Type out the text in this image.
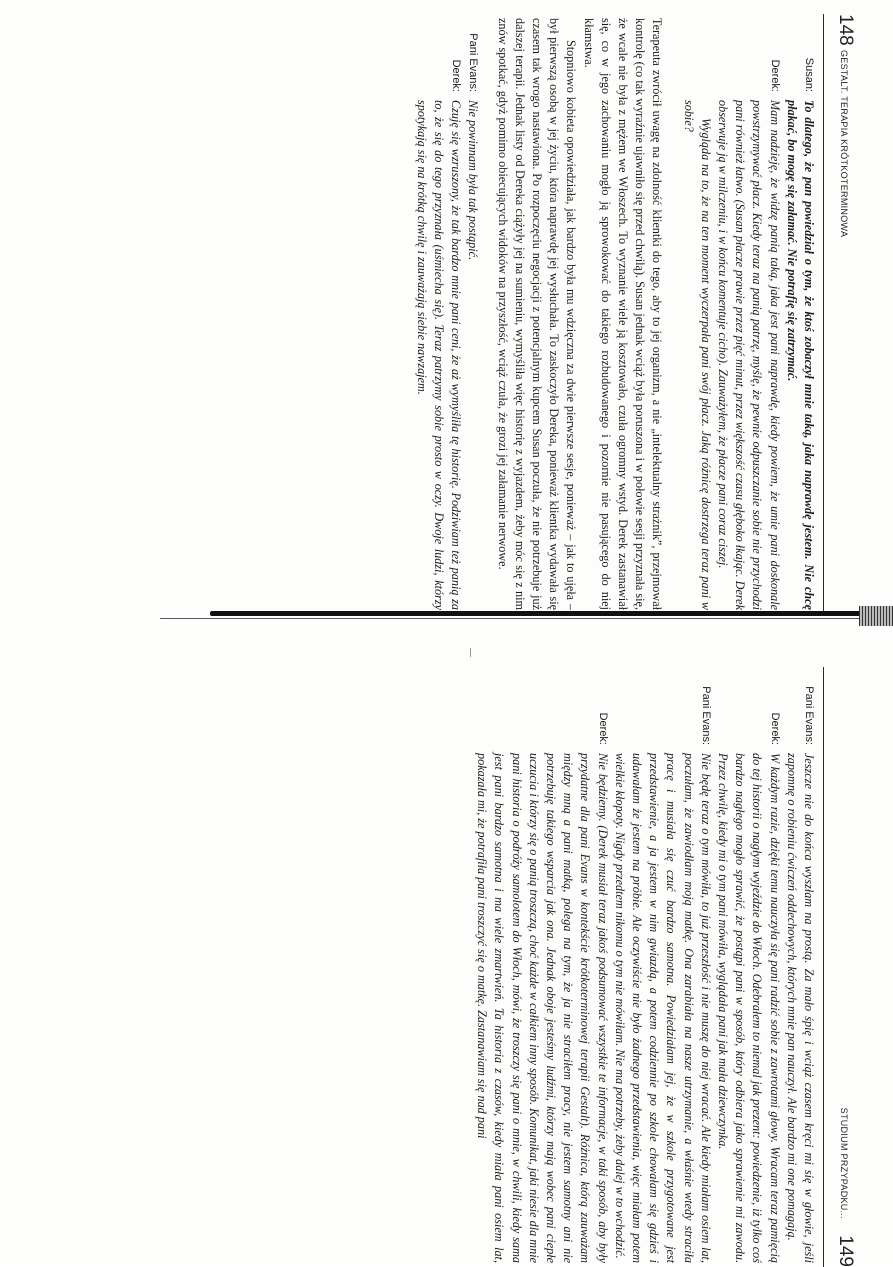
148
GESTALT. TERAPIA KRÓTKOTERMINOWA
Susan:
To dlatego, że pan powiedział o tym, że ktoś zobaczył mnie taką, jaka naprawdę jestem. Nie chcę płakać, bo mogę się załamać. Nie potrafię się zatrzymać.
Derek:
Mam nadzieję, że widzę panią taką, jaka jest pani naprawdę, kiedy powiem, że umie pani doskonale powstrzymywać płacz. Kiedy teraz na panią patrzę, myślę, że pewnie odpuszczanie sobie nie przychodzi pani również łatwo. (Susan płacze prawie przez pięć minut, przez większość czasu głęboko łkając. Derek obserwuje ją w milczeniu, i w końcu komentuje cicho). Zauważyłem, że płacze pani coraz ciszej.
Wygląda na to, że na ten moment wyczerpała pani swój płacz. Jaką różnicę dostrzega teraz pani w sobie?

Terapeuta zwrócił uwagę na zdolność klientki do tego, aby to jej organizm, a nie „intelektualny strażnik”, przejmował kontrolę (co tak wyraźnie ujawniło się przed chwilą). Susan jednak wciąż była poruszona i w połowie sesji przyznała się, że wcale nie była z mężem we Włoszech. To wyznanie wiele ją kosztowało, czuła ogromny wstyd. Derek zastanawiał się, co w jego zachowaniu mogło ją sprowokować do takiego rozbudowanego i pozornie nie pasującego do niej kłamstwa.

Stopniowo kobieta opowiedziała, jak bardzo była mu wdzięczna za dwie pierwsze sesje, ponieważ – jak to ujęła – był pierwszą osobą w jej życiu, która naprawdę jej wysłuchała. To zaskoczyło Dereka, ponieważ klientka wydawała się czasem tak wrogo nastawiona. Po rozpoczęciu negocjacji z potencjalnym kupcem Susan poczuła, że nie potrzebuje już dalszej terapii. Jednak listy od Dereka ciążyły jej na sumieniu, wymyśliła więc historię z wyjazdem, żeby móc się z nim znów spotkać, gdyż pomimo obiecujących widoków na przyszłość, wciąż czuła, że grozi jej załamanie nerwowe.

Pani Evans:
Nie powinnam była tak postąpić.
Derek:
Czuję się wzruszony, że tak bardzo mnie pani ceni, że aż wymyśliła tę historię. Podziwiam też panią za to, że się do tego przyznała (uśmiecha się). Teraz patrzymy sobie prosto w oczy. Dwoje ludzi, którzy spotykają się na krótką chwilę i zauważają siebie nawzajem.
STUDIUM PRZYPADKU...
149
Pani Evans:
Jeszcze nie do końca wyszłam na prostą. Za mało śpię i wciąż czasem kręci mi się w głowie, jeśli zapomnę o robieniu ćwiczeń oddechowych, których mnie pan nauczył. Ale bardzo mi one pomagają.
Derek:
W każdym razie, dzięki temu nauczyła się pani radzić sobie z zawrotami głowy. Wracam teraz pamięcią do tej historii o nagłym wyjeździe do Włoch. Odebrałem to niemal jak prezent: powiedzenie, iż tylko coś bardzo nagłego mogło sprawić, że postąpi pani w sposób, który odbiera jako sprawienie mi zawodu. Przez chwilę, kiedy mi o tym pani mówiła, wyglądała pani jak mała dziewczynka.
Pani Evans:
Nie będę teraz o tym mówiła, to już przeszłość i nie muszę do niej wracać. Ale kiedy miałam osiem lat, poczułam, że zawiodłam moją matkę. Ona zarabiała na nasze utrzymanie, a właśnie wtedy straciła pracę i musiała się czuć bardzo samotna. Powiedziałam jej, że w szkole przygotowane jest przedstawienie, a ja jestem w nim gwiazdą, a potem codziennie po szkole chowałam się gdzieś i udawałam że jestem na próbie. Ale oczywiście nie było żadnego przedstawienia, więc miałam potem wielkie kłopoty. Nigdy przedtem nikomu o tym nie mówiłam. Nie ma potrzeby, żeby dalej w to wchodzić.
Derek:
Nie będziemy. (Derek musiał teraz jakoś podsumować wszystkie te informacje, w taki sposób, aby były przydatne dla pani Evans w kontekście krótkoterminowej terapii Gestalt). Różnica, którą zauważam między mną a pani matką, polega na tym, że ja nie straciłem pracy, nie jestem samotny ani nie potrzebuję takiego wsparcia jak ona. Jednak oboje jesteśmy ludźmi, którzy mają wobec pani ciepłe uczucia i którzy się o panią troszczą, choć każde w całkiem inny sposób. Komunikat, jaki niesie dla mnie pani historia o podróży samolotem do Włoch, mówi, że troszczy się pani o mnie, w chwili, kiedy sama jest pani bardzo samotna i ma wiele zmartwień. Ta historia z czasów, kiedy miała pani osiem lat, pokazała mi, że potrafiła pani troszczyć się o matkę. Zastanawiam się nad pani
